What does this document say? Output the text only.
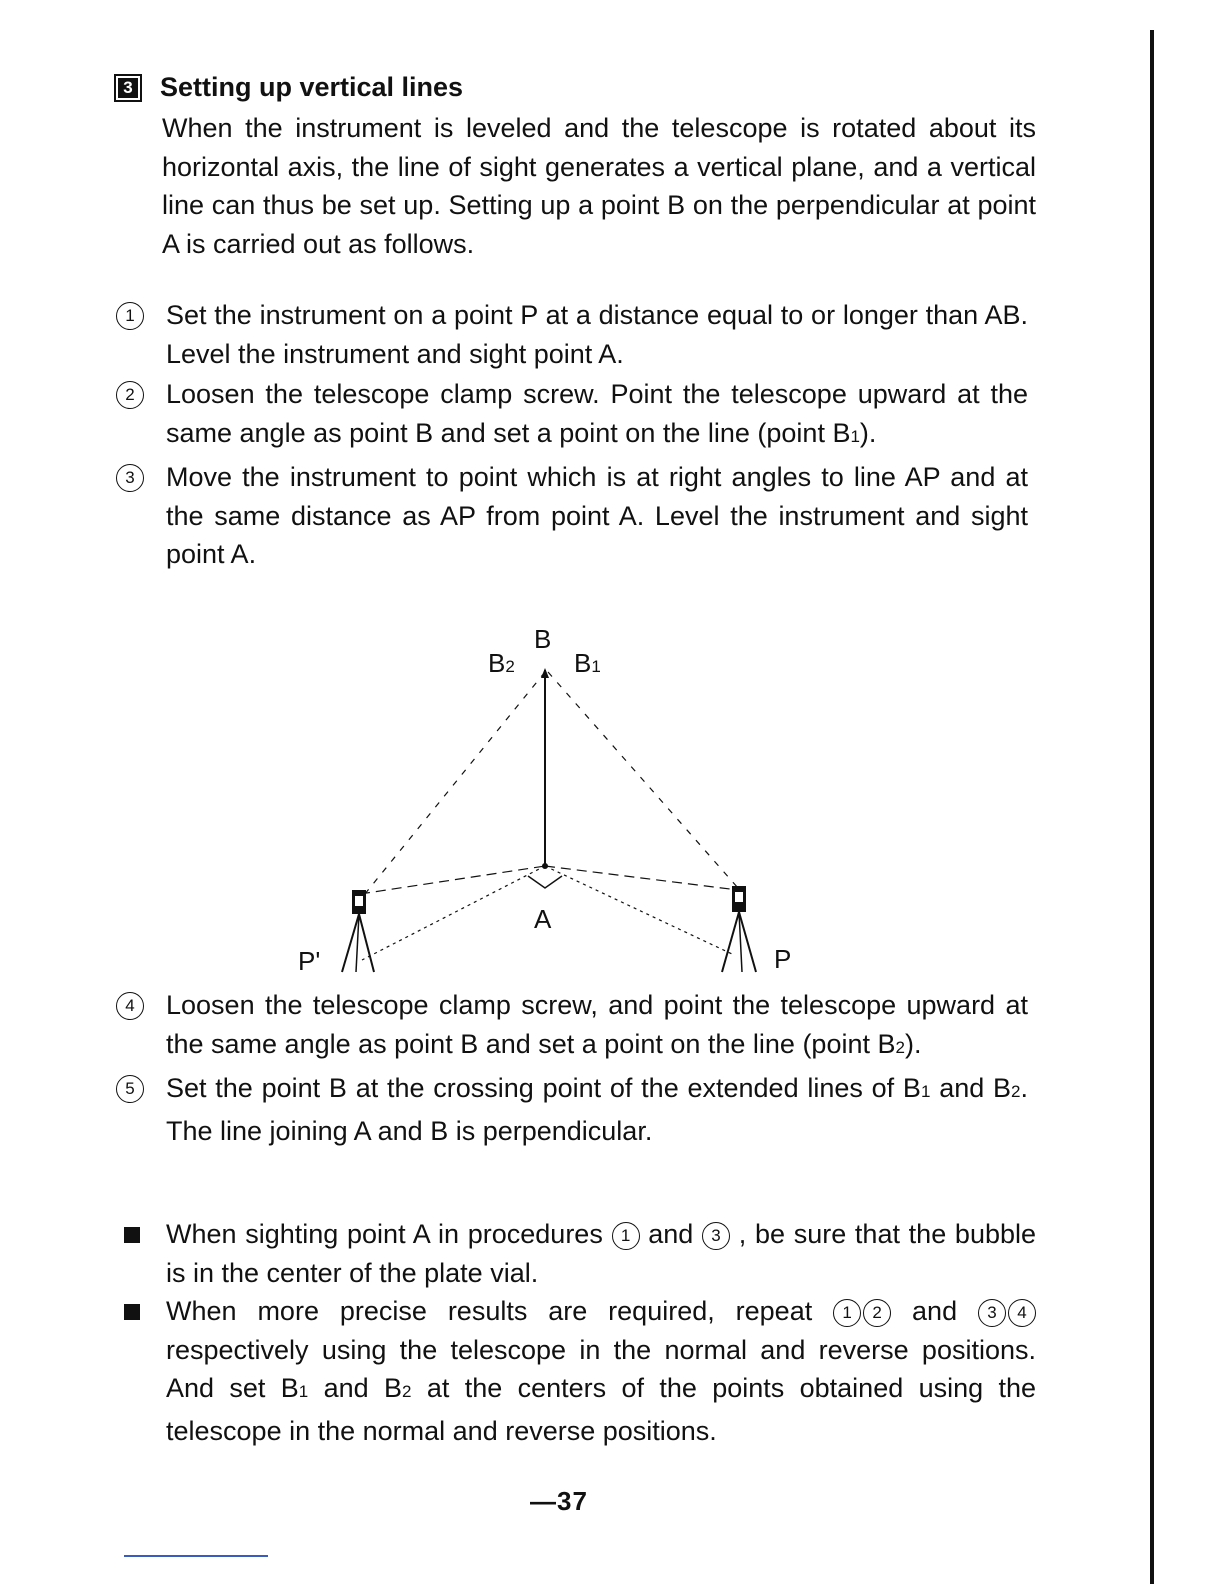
3 Setting up vertical lines

When the instrument is leveled and the telescope is rotated about its horizontal axis, the line of sight generates a vertical plane, and a vertical line can thus be set up. Setting up a point B on the perpendicular at point A is carried out as follows.

1	Set the instrument on a point P at a distance equal to or longer than AB. Level the instrument and sight point A.
2	Loosen the telescope clamp screw. Point the telescope upward at the same angle as point B and set a point on the line (point B1).
3	Move the instrument to point which is at right angles to line AP and at the same distance as AP from point A. Level the instrument and sight point A.
B
B2 B1
A
P
P'
4	Loosen the telescope clamp screw, and point the telescope upward at the same angle as point B and set a point on the line (point B2).
5	Set the point B at the crossing point of the extended lines of B1 and B2. The line joining A and B is perpendicular.
When sighting point A in procedures 1 and 3 , be sure that the bubble is in the center of the plate vial.
When more precise results are required, repeat 1 2 and 3 4 respectively using the telescope in the normal and reverse positions. And set B1 and B2 at the centers of the points obtained using the telescope in the normal and reverse positions.
—37
